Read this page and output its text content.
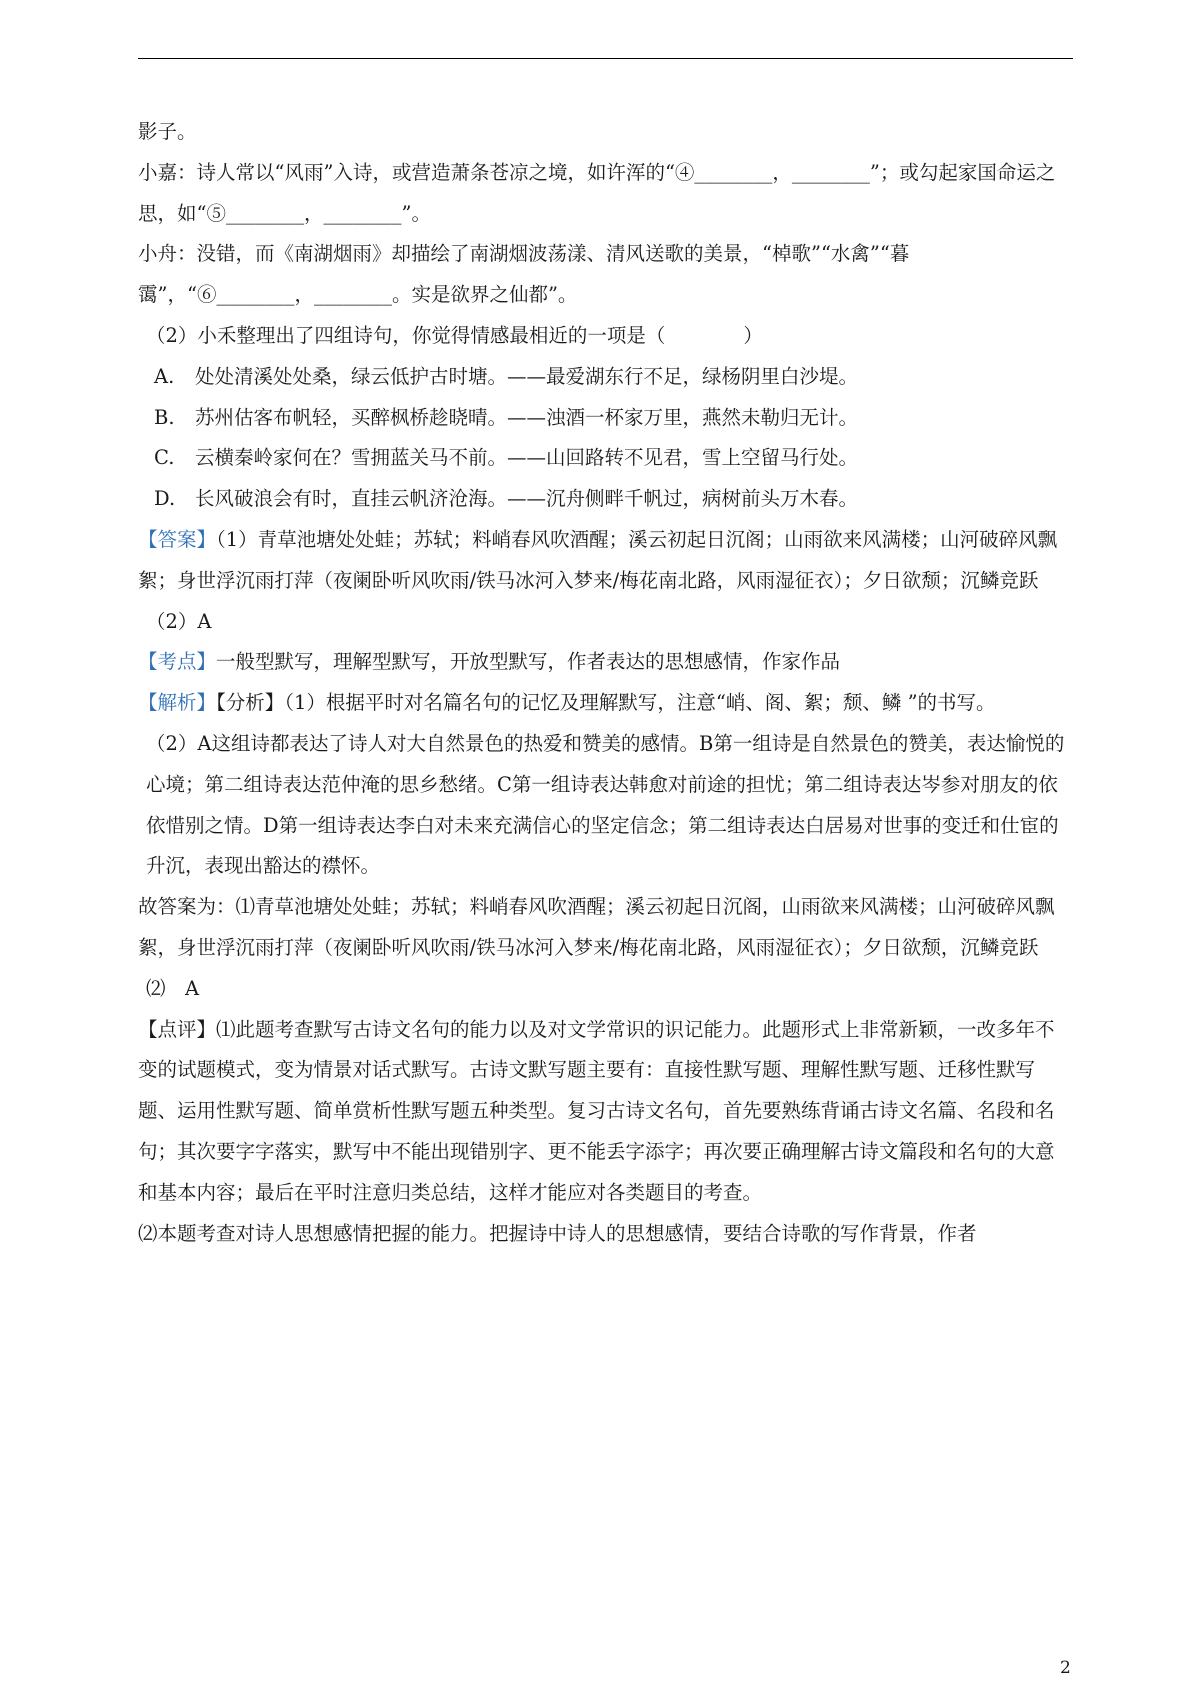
影子。

小嘉：诗人常以“风雨”入诗，或营造萧条苍凉之境，如许浑的“④________，________”；或勾起家国命运之思，如“⑤________，________”。

小舟：没错，而《南湖烟雨》却描绘了南湖烟波荡漾、清风送歌的美景，“棹歌”“水禽”“暮霭”，“⑥________，________。实是欲界之仙都”。

（2）小禾整理出了四组诗句，你觉得情感最相近的一项是（　　　　）

A. 处处清溪处处桑，绿云低护古时塘。——最爱湖东行不足，绿杨阴里白沙堤。

B. 苏州估客布帆轻，买醉枫桥趁晓晴。——浊酒一杯家万里，燕然未勒归无计。

C. 云横秦岭家何在？雪拥蓝关马不前。——山回路转不见君，雪上空留马行处。

D. 长风破浪会有时，直挂云帆济沧海。——沉舟侧畔千帆过，病树前头万木春。

【答案】（1）青草池塘处处蛙；苏轼；料峭春风吹酒醒；溪云初起日沉阁；山雨欲来风满楼；山河破碎风飘絮；身世浮沉雨打萍（夜阑卧听风吹雨/铁马冰河入梦来/梅花南北路，风雨湿征衣）；夕日欲颓；沉鳞竞跃

（2）A

【考点】一般型默写，理解型默写，开放型默写，作者表达的思想感情，作家作品

【解析】【分析】（1）根据平时对名篇名句的记忆及理解默写，注意“峭、阁、絮；颓、鳞 ”的书写。

（2）A这组诗都表达了诗人对大自然景色的热爱和赞美的感情。B第一组诗是自然景色的赞美，表达愉悦的心境；第二组诗表达范仲淹的思乡愁绪。C第一组诗表达韩愈对前途的担忧；第二组诗表达岑参对朋友的依依惜别之情。D第一组诗表达李白对未来充满信心的坚定信念；第二组诗表达白居易对世事的变迁和仕宦的升沉，表现出豁达的襟怀。

故答案为：⑴青草池塘处处蛙；苏轼；料峭春风吹酒醒；溪云初起日沉阁，山雨欲来风满楼；山河破碎风飘絮，身世浮沉雨打萍（夜阑卧听风吹雨/铁马冰河入梦来/梅花南北路，风雨湿征衣）；夕日欲颓，沉鳞竞跃

⑵　A

【点评】⑴此题考查默写古诗文名句的能力以及对文学常识的识记能力。此题形式上非常新颖，一改多年不变的试题模式，变为情景对话式默写。古诗文默写题主要有：直接性默写题、理解性默写题、迁移性默写题、运用性默写题、简单赏析性默写题五种类型。复习古诗文名句，首先要熟练背诵古诗文名篇、名段和名句；其次要字字落实，默写中不能出现错别字、更不能丢字添字；再次要正确理解古诗文篇段和名句的大意和基本内容；最后在平时注意归类总结，这样才能应对各类题目的考查。

⑵本题考查对诗人思想感情把握的能力。把握诗中诗人的思想感情，要结合诗歌的写作背景，作者

2
